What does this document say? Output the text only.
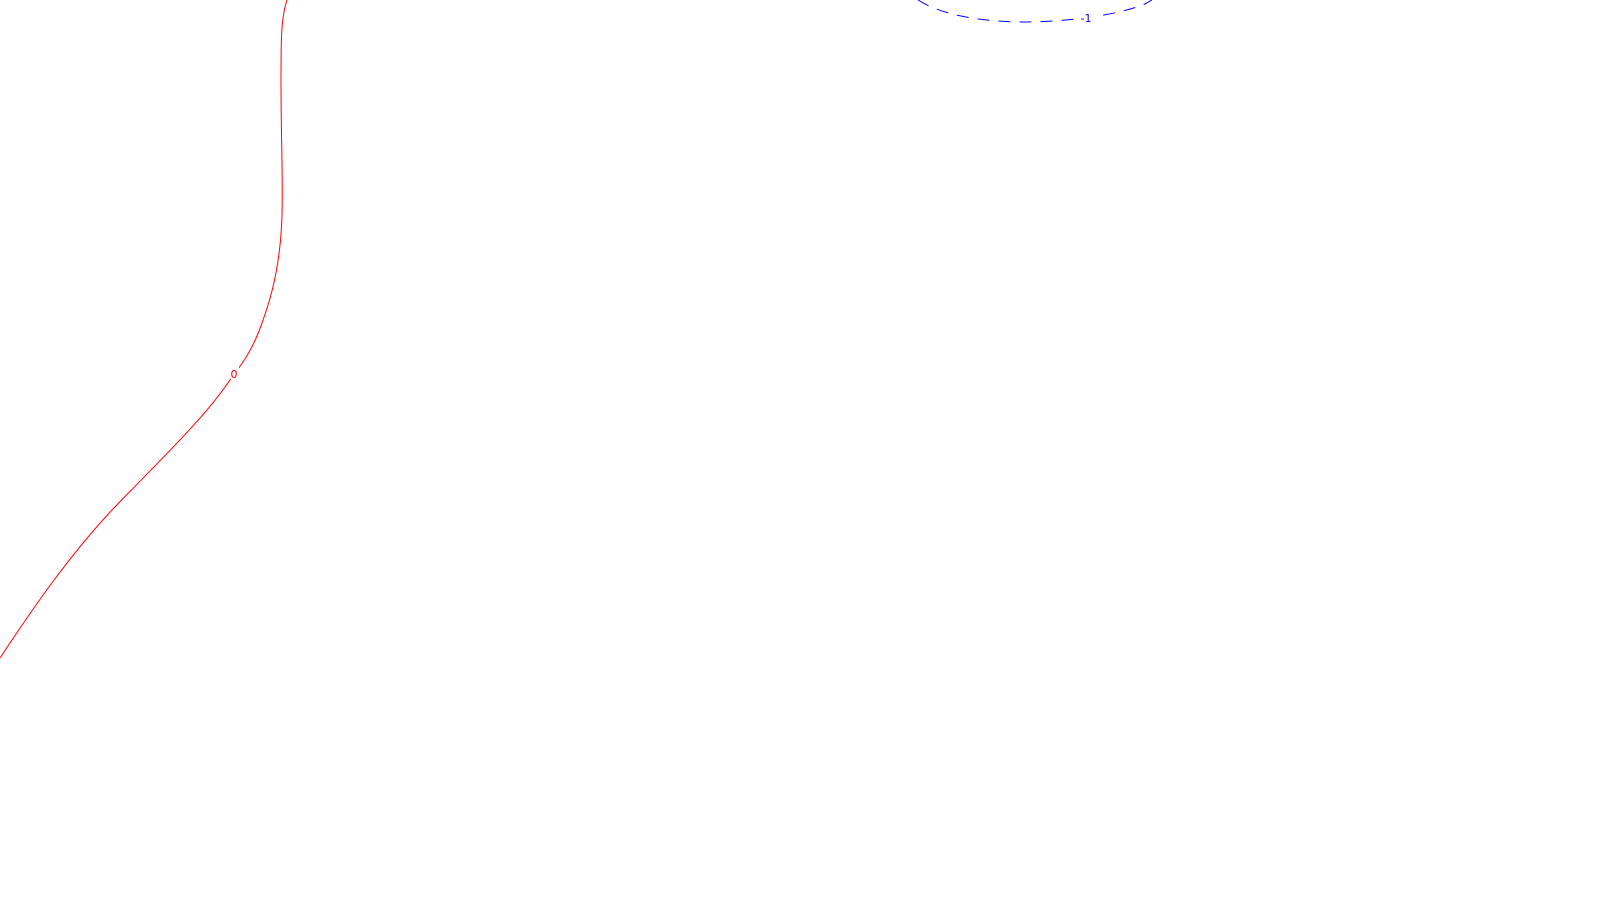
0
-1
